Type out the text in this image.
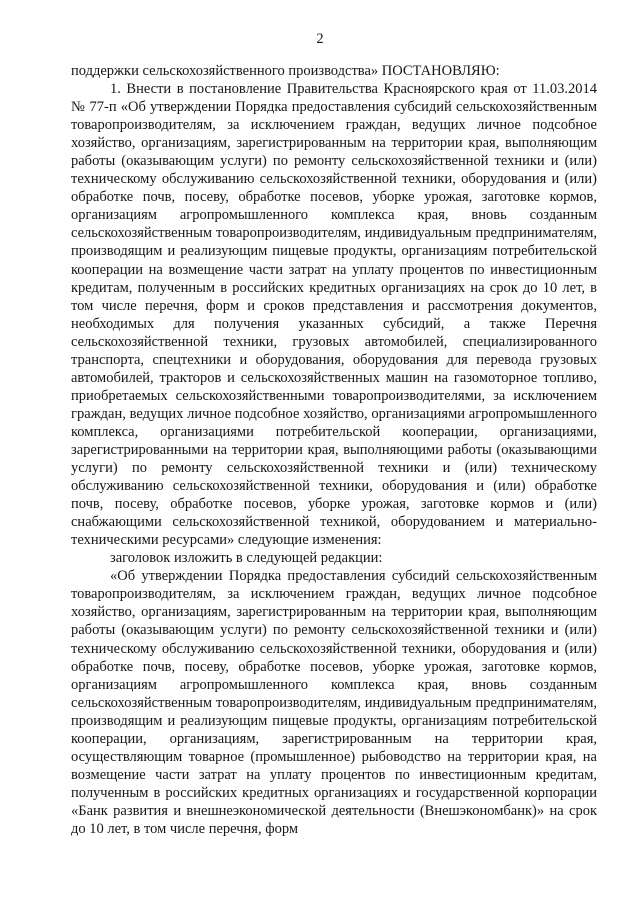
2

поддержки сельскохозяйственного производства» ПОСТАНОВЛЯЮ:

1. Внести в постановление Правительства Красноярского края от 11.03.2014 № 77-п «Об утверждении Порядка предоставления субсидий сельскохозяйственным товаропроизводителям, за исключением граждан, ведущих личное подсобное хозяйство, организациям, зарегистрированным на территории края, выполняющим работы (оказывающим услуги) по ремонту сельскохозяйственной техники и (или) техническому обслуживанию сельскохозяйственной техники, оборудования и (или) обработке почв, посеву, обработке посевов, уборке урожая, заготовке кормов, организациям агропромышленного комплекса края, вновь созданным сельскохозяйственным товаропроизводителям, индивидуальным предпринимателям, производящим и реализующим пищевые продукты, организациям потребительской кооперации на возмещение части затрат на уплату процентов по инвестиционным кредитам, полученным в российских кредитных организациях на срок до 10 лет, в том числе перечня, форм и сроков представления и рассмотрения документов, необходимых для получения указанных субсидий, а также Перечня сельскохозяйственной техники, грузовых автомобилей, специализированного транспорта, спецтехники и оборудования, оборудования для перевода грузовых автомобилей, тракторов и сельскохозяйственных машин на газомоторное топливо, приобретаемых сельскохозяйственными товаропроизводителями, за исключением граждан, ведущих личное подсобное хозяйство, организациями агропромышленного комплекса, организациями потребительской кооперации, организациями, зарегистрированными на территории края, выполняющими работы (оказывающими услуги) по ремонту сельскохозяйственной техники и (или) техническому обслуживанию сельскохозяйственной техники, оборудования и (или) обработке почв, посеву, обработке посевов, уборке урожая, заготовке кормов и (или) снабжающими сельскохозяйственной техникой, оборудованием и материально-техническими ресурсами» следующие изменения:

заголовок изложить в следующей редакции:

«Об утверждении Порядка предоставления субсидий сельскохозяйственным товаропроизводителям, за исключением граждан, ведущих личное подсобное хозяйство, организациям, зарегистрированным на территории края, выполняющим работы (оказывающим услуги) по ремонту сельскохозяйственной техники и (или) техническому обслуживанию сельскохозяйственной техники, оборудования и (или) обработке почв, посеву, обработке посевов, уборке урожая, заготовке кормов, организациям агропромышленного комплекса края, вновь созданным сельскохозяйственным товаропроизводителям, индивидуальным предпринимателям, производящим и реализующим пищевые продукты, организациям потребительской кооперации, организациям, зарегистрированным на территории края, осуществляющим товарное (промышленное) рыбоводство на территории края, на возмещение части затрат на уплату процентов по инвестиционным кредитам, полученным в российских кредитных организациях и государственной корпорации «Банк развития и внешнеэкономической деятельности (Внешэкономбанк)» на срок до 10 лет, в том числе перечня, форм
